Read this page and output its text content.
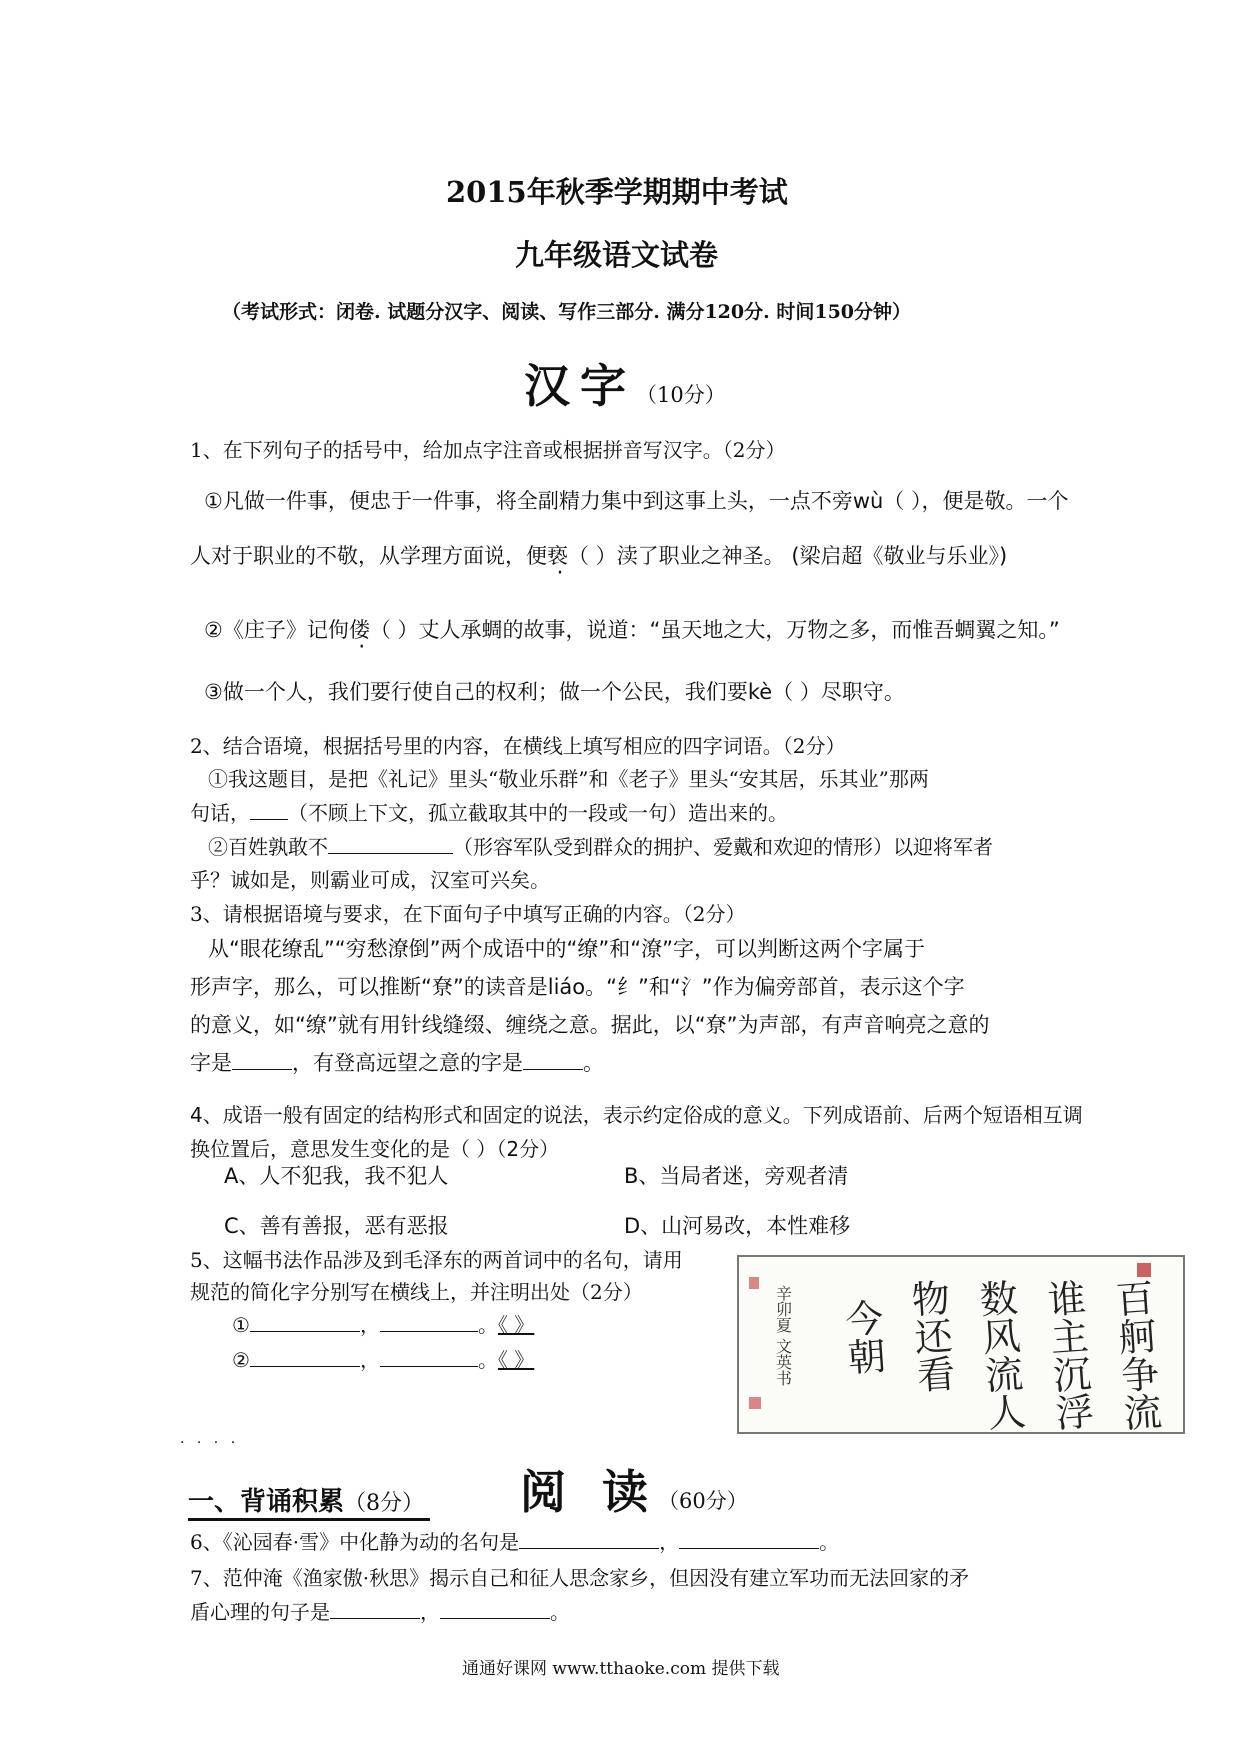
2015年秋季学期期中考试
九年级语文试卷
（考试形式：闭卷. 试题分汉字、阅读、写作三部分. 满分120分. 时间150分钟）
汉字（10分）
1、在下列句子的括号中，给加点字注音或根据拼音写汉字。（2分）
①凡做一件事，便忠于一件事，将全副精力集中到这事上头，一点不旁wù（ ），便是敬。一个
人对于职业的不敬，从学理方面说，便亵（ ）渎了职业之神圣。 (梁启超《敬业与乐业》)
②《庄子》记佝偻（ ）丈人承蜩的故事，说道：“虽天地之大，万物之多，而惟吾蜩翼之知。”
③做一个人，我们要行使自己的权利；做一个公民，我们要kè（ ）尽职守。
2、结合语境，根据括号里的内容，在横线上填写相应的四字词语。（2分）
①我这题目，是把《礼记》里头“敬业乐群”和《老子》里头“安其居，乐其业”那两
句话， （不顾上下文，孤立截取其中的一段或一句）造出来的。
②百姓孰敢不	（形容军队受到群众的拥护、爱戴和欢迎的情形）以迎将军者
乎？诚如是，则霸业可成，汉室可兴矣。
3、请根据语境与要求，在下面句子中填写正确的内容。（2分）
从“眼花缭乱”“穷愁潦倒”两个成语中的“缭”和“潦”字，可以判断这两个字属于
形声字，那么，可以推断“尞”的读音是liáo。“纟”和“氵”作为偏旁部首，表示这个字
的意义，如“缭”就有用针线缝缀、缠绕之意。据此，以“尞”为声部，有声音响亮之意的
字是	，有登高远望之意的字是	。
4、成语一般有固定的结构形式和固定的说法，表示约定俗成的意义。下列成语前、后两个短语相互调
换位置后，意思发生变化的是（ ）（2分）
A、人不犯我，我不犯人	B、当局者迷，旁观者清
C、善有善报，恶有恶报	D、山河易改，本性难移
5、这幅书法作品涉及到毛泽东的两首词中的名句，请用
规范的简化字分别写在横线上，并注明出处（2分）
①	，	。《 》
②	，	。《 》	百舸争流
谁主沉浮
数风流人
物还看
今朝
辛卯夏 文英书
· · · ·
阅 读（60分）
一、背诵积累（8分）
6、《沁园春·雪》中化静为动的名句是	，	。
7、范仲淹《渔家傲·秋思》揭示自己和征人思念家乡，但因没有建立军功而无法回家的矛
盾心理的句子是	，	。
通通好课网 www.tthaoke.com 提供下载
